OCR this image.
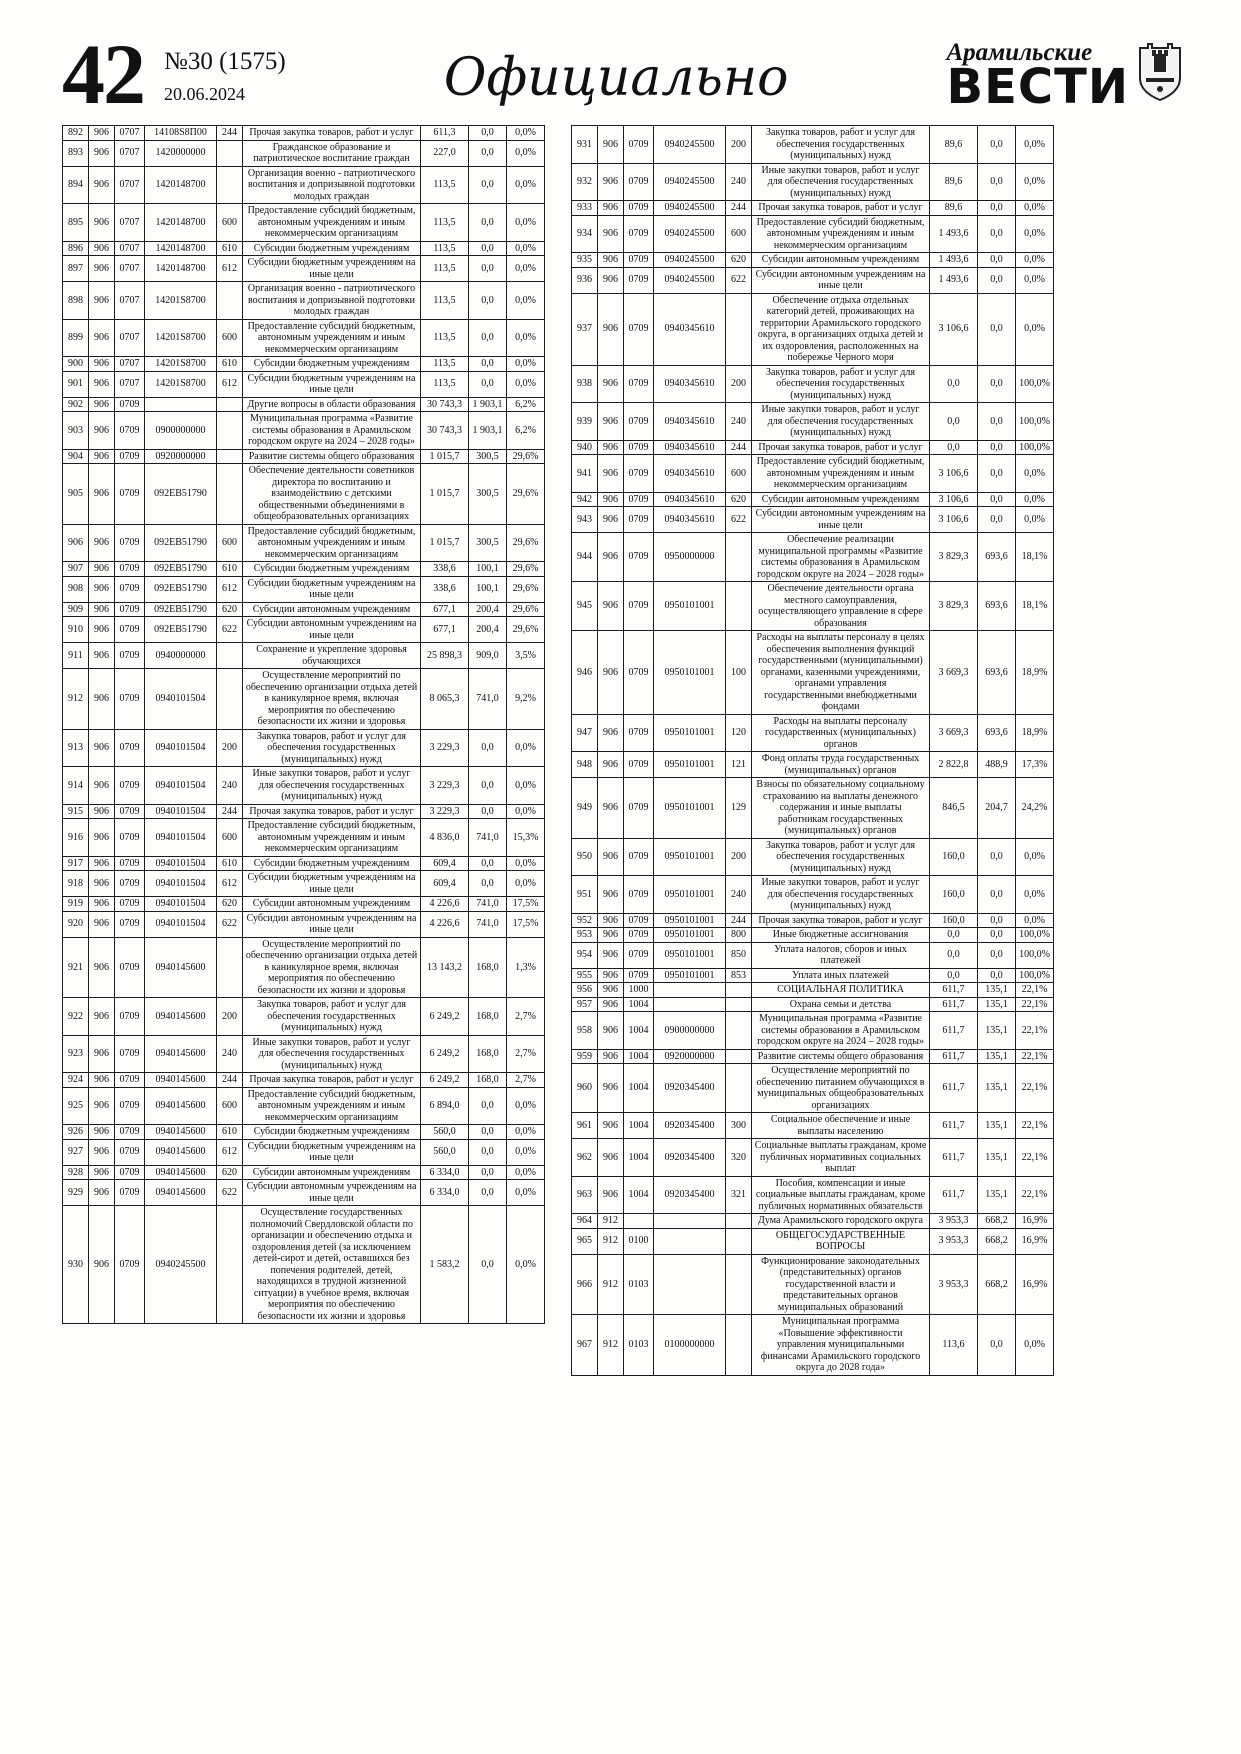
42 №30 (1575)
20.06.2024	Официально	Арамильские
ВЕСТИ
892	906	0707	14108S8П00	244	Прочая закупка товаров, работ и услуг	611,3	0,0	0,0%
893	906	0707	1420000000		Гражданское образование и патриотическое воспитание граждан	227,0	0,0	0,0%
894	906	0707	1420148700		Организация военно - патриотического воспитания и допризывной подготовки молодых граждан	113,5	0,0	0,0%
895	906	0707	1420148700	600	Предоставление субсидий бюджетным, автономным учреждениям и иным некоммерческим организациям	113,5	0,0	0,0%
896	906	0707	1420148700	610	Субсидии бюджетным учреждениям	113,5	0,0	0,0%
897	906	0707	1420148700	612	Субсидии бюджетным учреждениям на иные цели	113,5	0,0	0,0%
898	906	0707	14201S8700		Организация военно - патриотического воспитания и допризывной подготовки молодых граждан	113,5	0,0	0,0%
899	906	0707	14201S8700	600	Предоставление субсидий бюджетным, автономным учреждениям и иным некоммерческим организациям	113,5	0,0	0,0%
900	906	0707	14201S8700	610	Субсидии бюджетным учреждениям	113,5	0,0	0,0%
901	906	0707	14201S8700	612	Субсидии бюджетным учреждениям на иные цели	113,5	0,0	0,0%
902	906	0709			Другие вопросы в области образования	30 743,3	1 903,1	6,2%
903	906	0709	0900000000		Муниципальная программа «Развитие системы образования в Арамильском городском округе на 2024 – 2028 годы»	30 743,3	1 903,1	6,2%
904	906	0709	0920000000		Развитие системы общего образования	1 015,7	300,5	29,6%
905	906	0709	092EB51790		Обеспечение деятельности советников директора по воспитанию и взаимодействию с детскими общественными объединениями в общеобразовательных организациях	1 015,7	300,5	29,6%
906	906	0709	092EB51790	600	Предоставление субсидий бюджетным, автономным учреждениям и иным некоммерческим организациям	1 015,7	300,5	29,6%
907	906	0709	092EB51790	610	Субсидии бюджетным учреждениям	338,6	100,1	29,6%
908	906	0709	092EB51790	612	Субсидии бюджетным учреждениям на иные цели	338,6	100,1	29,6%
909	906	0709	092EB51790	620	Субсидии автономным учреждениям	677,1	200,4	29,6%
910	906	0709	092EB51790	622	Субсидии автономным учреждениям на иные цели	677,1	200,4	29,6%
911	906	0709	0940000000		Сохранение и укрепление здоровья обучающихся	25 898,3	909,0	3,5%
912	906	0709	0940101504		Осуществление мероприятий по обеспечению организации отдыха детей в каникулярное время, включая мероприятия по обеспечению безопасности их жизни и здоровья	8 065,3	741,0	9,2%
913	906	0709	0940101504	200	Закупка товаров, работ и услуг для обеспечения государственных (муниципальных) нужд	3 229,3	0,0	0,0%
914	906	0709	0940101504	240	Иные закупки товаров, работ и услуг для обеспечения государственных (муниципальных) нужд	3 229,3	0,0	0,0%
915	906	0709	0940101504	244	Прочая закупка товаров, работ и услуг	3 229,3	0,0	0,0%
916	906	0709	0940101504	600	Предоставление субсидий бюджетным, автономным учреждениям и иным некоммерческим организациям	4 836,0	741,0	15,3%
917	906	0709	0940101504	610	Субсидии бюджетным учреждениям	609,4	0,0	0,0%
918	906	0709	0940101504	612	Субсидии бюджетным учреждениям на иные цели	609,4	0,0	0,0%
919	906	0709	0940101504	620	Субсидии автономным учреждениям	4 226,6	741,0	17,5%
920	906	0709	0940101504	622	Субсидии автономным учреждениям на иные цели	4 226,6	741,0	17,5%
921	906	0709	0940145600		Осуществление мероприятий по обеспечению организации отдыха детей в каникулярное время, включая мероприятия по обеспечению безопасности их жизни и здоровья	13 143,2	168,0	1,3%
922	906	0709	0940145600	200	Закупка товаров, работ и услуг для обеспечения государственных (муниципальных) нужд	6 249,2	168,0	2,7%
923	906	0709	0940145600	240	Иные закупки товаров, работ и услуг для обеспечения государственных (муниципальных) нужд	6 249,2	168,0	2,7%
924	906	0709	0940145600	244	Прочая закупка товаров, работ и услуг	6 249,2	168,0	2,7%
925	906	0709	0940145600	600	Предоставление субсидий бюджетным, автономным учреждениям и иным некоммерческим организациям	6 894,0	0,0	0,0%
926	906	0709	0940145600	610	Субсидии бюджетным учреждениям	560,0	0,0	0,0%
927	906	0709	0940145600	612	Субсидии бюджетным учреждениям на иные цели	560,0	0,0	0,0%
928	906	0709	0940145600	620	Субсидии автономным учреждениям	6 334,0	0,0	0,0%
929	906	0709	0940145600	622	Субсидии автономным учреждениям на иные цели	6 334,0	0,0	0,0%
930	906	0709	0940245500		Осуществление государственных полномочий Свердловской области по организации и обеспечению отдыха и оздоровления детей (за исключением детей-сирот и детей, оставшихся без попечения родителей, детей, находящихся в трудной жизненной ситуации) в учебное время, включая мероприятия по обеспечению безопасности их жизни и здоровья	1 583,2	0,0	0,0%
931	906	0709	0940245500	200	Закупка товаров, работ и услуг для обеспечения государственных (муниципальных) нужд	89,6	0,0	0,0%
932	906	0709	0940245500	240	Иные закупки товаров, работ и услуг для обеспечения государственных (муниципальных) нужд	89,6	0,0	0,0%
933	906	0709	0940245500	244	Прочая закупка товаров, работ и услуг	89,6	0,0	0,0%
934	906	0709	0940245500	600	Предоставление субсидий бюджетным, автономным учреждениям и иным некоммерческим организациям	1 493,6	0,0	0,0%
935	906	0709	0940245500	620	Субсидии автономным учреждениям	1 493,6	0,0	0,0%
936	906	0709	0940245500	622	Субсидии автономным учреждениям на иные цели	1 493,6	0,0	0,0%
937	906	0709	0940345610		Обеспечение отдыха отдельных категорий детей, проживающих на территории Арамильского городского округа, в организациях отдыха детей и их оздоровления, расположенных на побережье Черного моря	3 106,6	0,0	0,0%
938	906	0709	0940345610	200	Закупка товаров, работ и услуг для обеспечения государственных (муниципальных) нужд	0,0	0,0	100,0%
939	906	0709	0940345610	240	Иные закупки товаров, работ и услуг для обеспечения государственных (муниципальных) нужд	0,0	0,0	100,0%
940	906	0709	0940345610	244	Прочая закупка товаров, работ и услуг	0,0	0,0	100,0%
941	906	0709	0940345610	600	Предоставление субсидий бюджетным, автономным учреждениям и иным некоммерческим организациям	3 106,6	0,0	0,0%
942	906	0709	0940345610	620	Субсидии автономным учреждениям	3 106,6	0,0	0,0%
943	906	0709	0940345610	622	Субсидии автономным учреждениям на иные цели	3 106,6	0,0	0,0%
944	906	0709	0950000000		Обеспечение реализации муниципальной программы «Развитие системы образования в Арамильском городском округе на 2024 – 2028 годы»	3 829,3	693,6	18,1%
945	906	0709	0950101001		Обеспечение деятельности органа местного самоуправления, осуществляющего управление в сфере образования	3 829,3	693,6	18,1%
946	906	0709	0950101001	100	Расходы на выплаты персоналу в целях обеспечения выполнения функций государственными (муниципальными) органами, казенными учреждениями, органами управления государственными внебюджетными фондами	3 669,3	693,6	18,9%
947	906	0709	0950101001	120	Расходы на выплаты персоналу государственных (муниципальных) органов	3 669,3	693,6	18,9%
948	906	0709	0950101001	121	Фонд оплаты труда государственных (муниципальных) органов	2 822,8	488,9	17,3%
949	906	0709	0950101001	129	Взносы по обязательному социальному страхованию на выплаты денежного содержания и иные выплаты работникам государственных (муниципальных) органов	846,5	204,7	24,2%
950	906	0709	0950101001	200	Закупка товаров, работ и услуг для обеспечения государственных (муниципальных) нужд	160,0	0,0	0,0%
951	906	0709	0950101001	240	Иные закупки товаров, работ и услуг для обеспечения государственных (муниципальных) нужд	160,0	0,0	0,0%
952	906	0709	0950101001	244	Прочая закупка товаров, работ и услуг	160,0	0,0	0,0%
953	906	0709	0950101001	800	Иные бюджетные ассигнования	0,0	0,0	100,0%
954	906	0709	0950101001	850	Уплата налогов, сборов и иных платежей	0,0	0,0	100,0%
955	906	0709	0950101001	853	Уплата иных платежей	0,0	0,0	100,0%
956	906	1000			СОЦИАЛЬНАЯ ПОЛИТИКА	611,7	135,1	22,1%
957	906	1004			Охрана семьи и детства	611,7	135,1	22,1%
958	906	1004	0900000000		Муниципальная программа «Развитие системы образования в Арамильском городском округе на 2024 – 2028 годы»	611,7	135,1	22,1%
959	906	1004	0920000000		Развитие системы общего образования	611,7	135,1	22,1%
960	906	1004	0920345400		Осуществление мероприятий по обеспечению питанием обучающихся в муниципальных общеобразовательных организациях	611,7	135,1	22,1%
961	906	1004	0920345400	300	Социальное обеспечение и иные выплаты населению	611,7	135,1	22,1%
962	906	1004	0920345400	320	Социальные выплаты гражданам, кроме публичных нормативных социальных выплат	611,7	135,1	22,1%
963	906	1004	0920345400	321	Пособия, компенсации и иные социальные выплаты гражданам, кроме публичных нормативных обязательств	611,7	135,1	22,1%
964	912				Дума Арамильского городского округа	3 953,3	668,2	16,9%
965	912	0100			ОБЩЕГОСУДАРСТВЕННЫЕ ВОПРОСЫ	3 953,3	668,2	16,9%
966	912	0103			Функционирование законодательных (представительных) органов государственной власти и представительных органов муниципальных образований	3 953,3	668,2	16,9%
967	912	0103	0100000000		Муниципальная программа «Повышение эффективности управления муниципальными финансами Арамильского городского округа до 2028 года»	113,6	0,0	0,0%
